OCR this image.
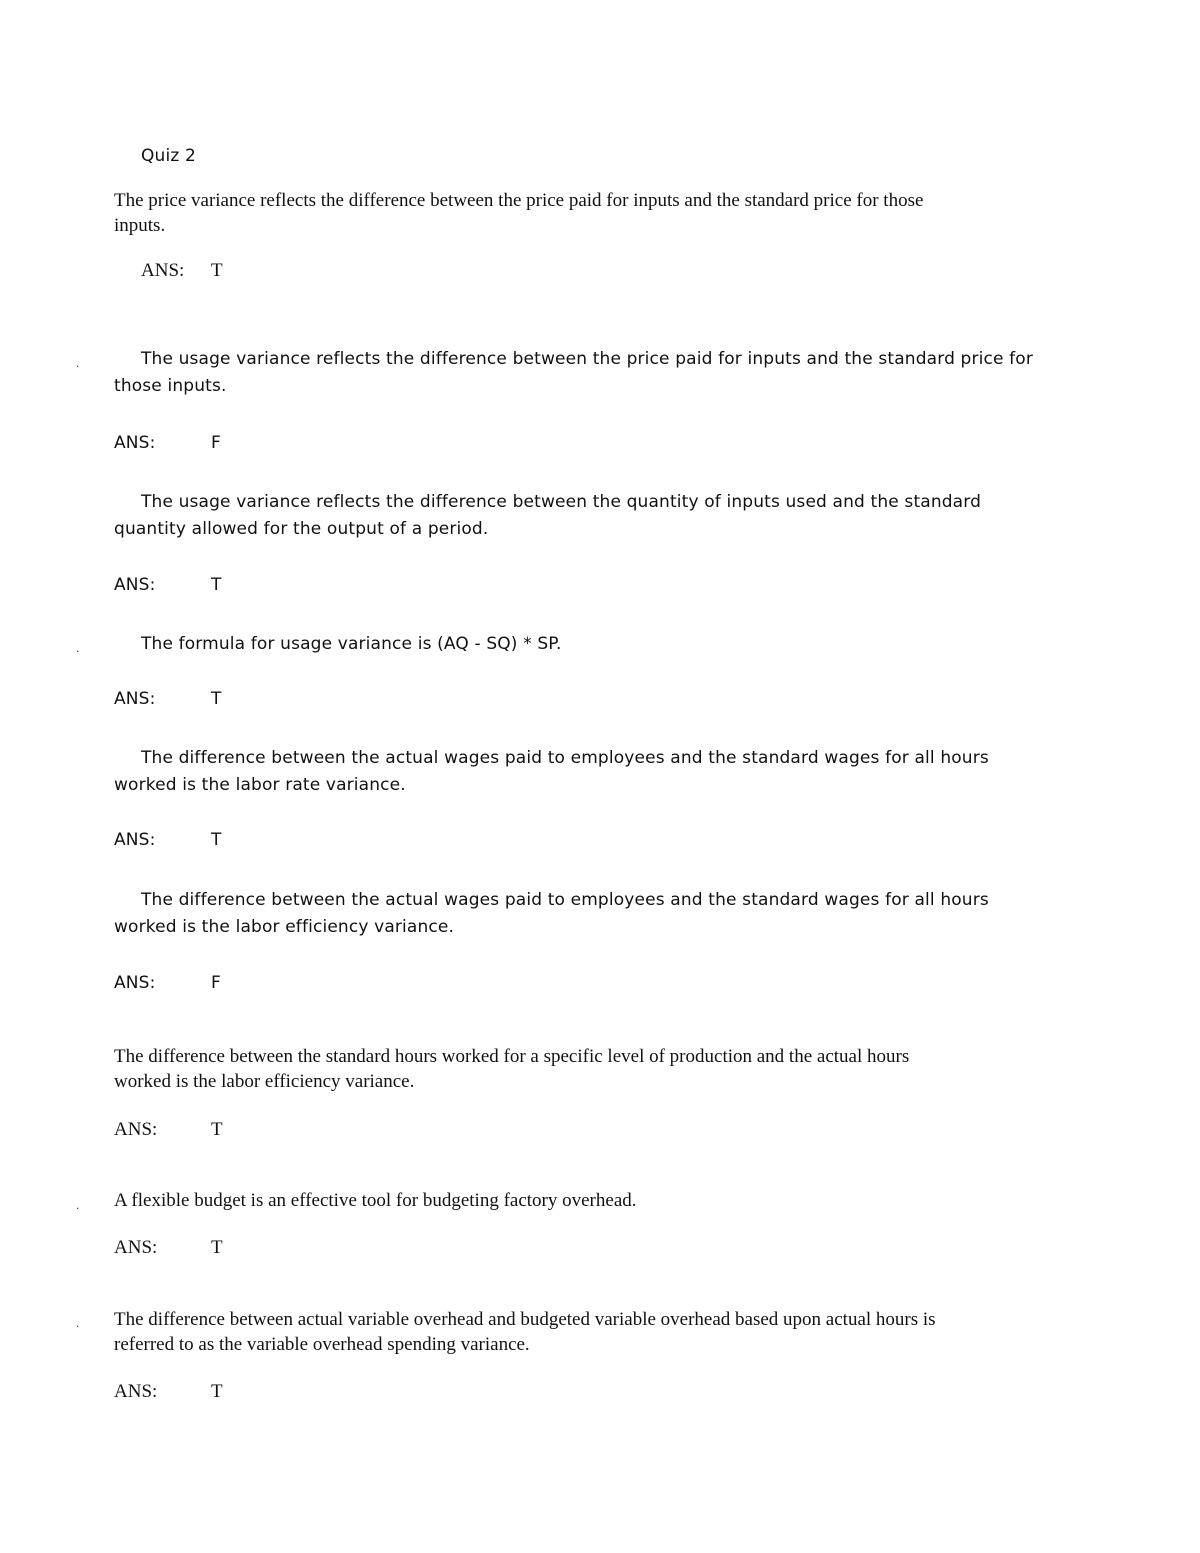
Quiz 2
The price variance reflects the difference between the price paid for inputs and the standard price for those
inputs.
ANS: T
.	The usage variance reflects the difference between the price paid for inputs and the standard price for
those inputs.
ANS:	F
The usage variance reflects the difference between the quantity of inputs used and the standard
quantity allowed for the output of a period.
ANS:	T
.	The formula for usage variance is (AQ - SQ) * SP.
ANS:	T
The difference between the actual wages paid to employees and the standard wages for all hours
worked is the labor rate variance.
ANS:	T
The difference between the actual wages paid to employees and the standard wages for all hours
worked is the labor efficiency variance.
ANS:	F
The difference between the standard hours worked for a specific level of production and the actual hours
worked is the labor efficiency variance.
ANS:	T
. A flexible budget is an effective tool for budgeting factory overhead.
ANS:	T
. The difference between actual variable overhead and budgeted variable overhead based upon actual hours is
referred to as the variable overhead spending variance.
ANS:	T
